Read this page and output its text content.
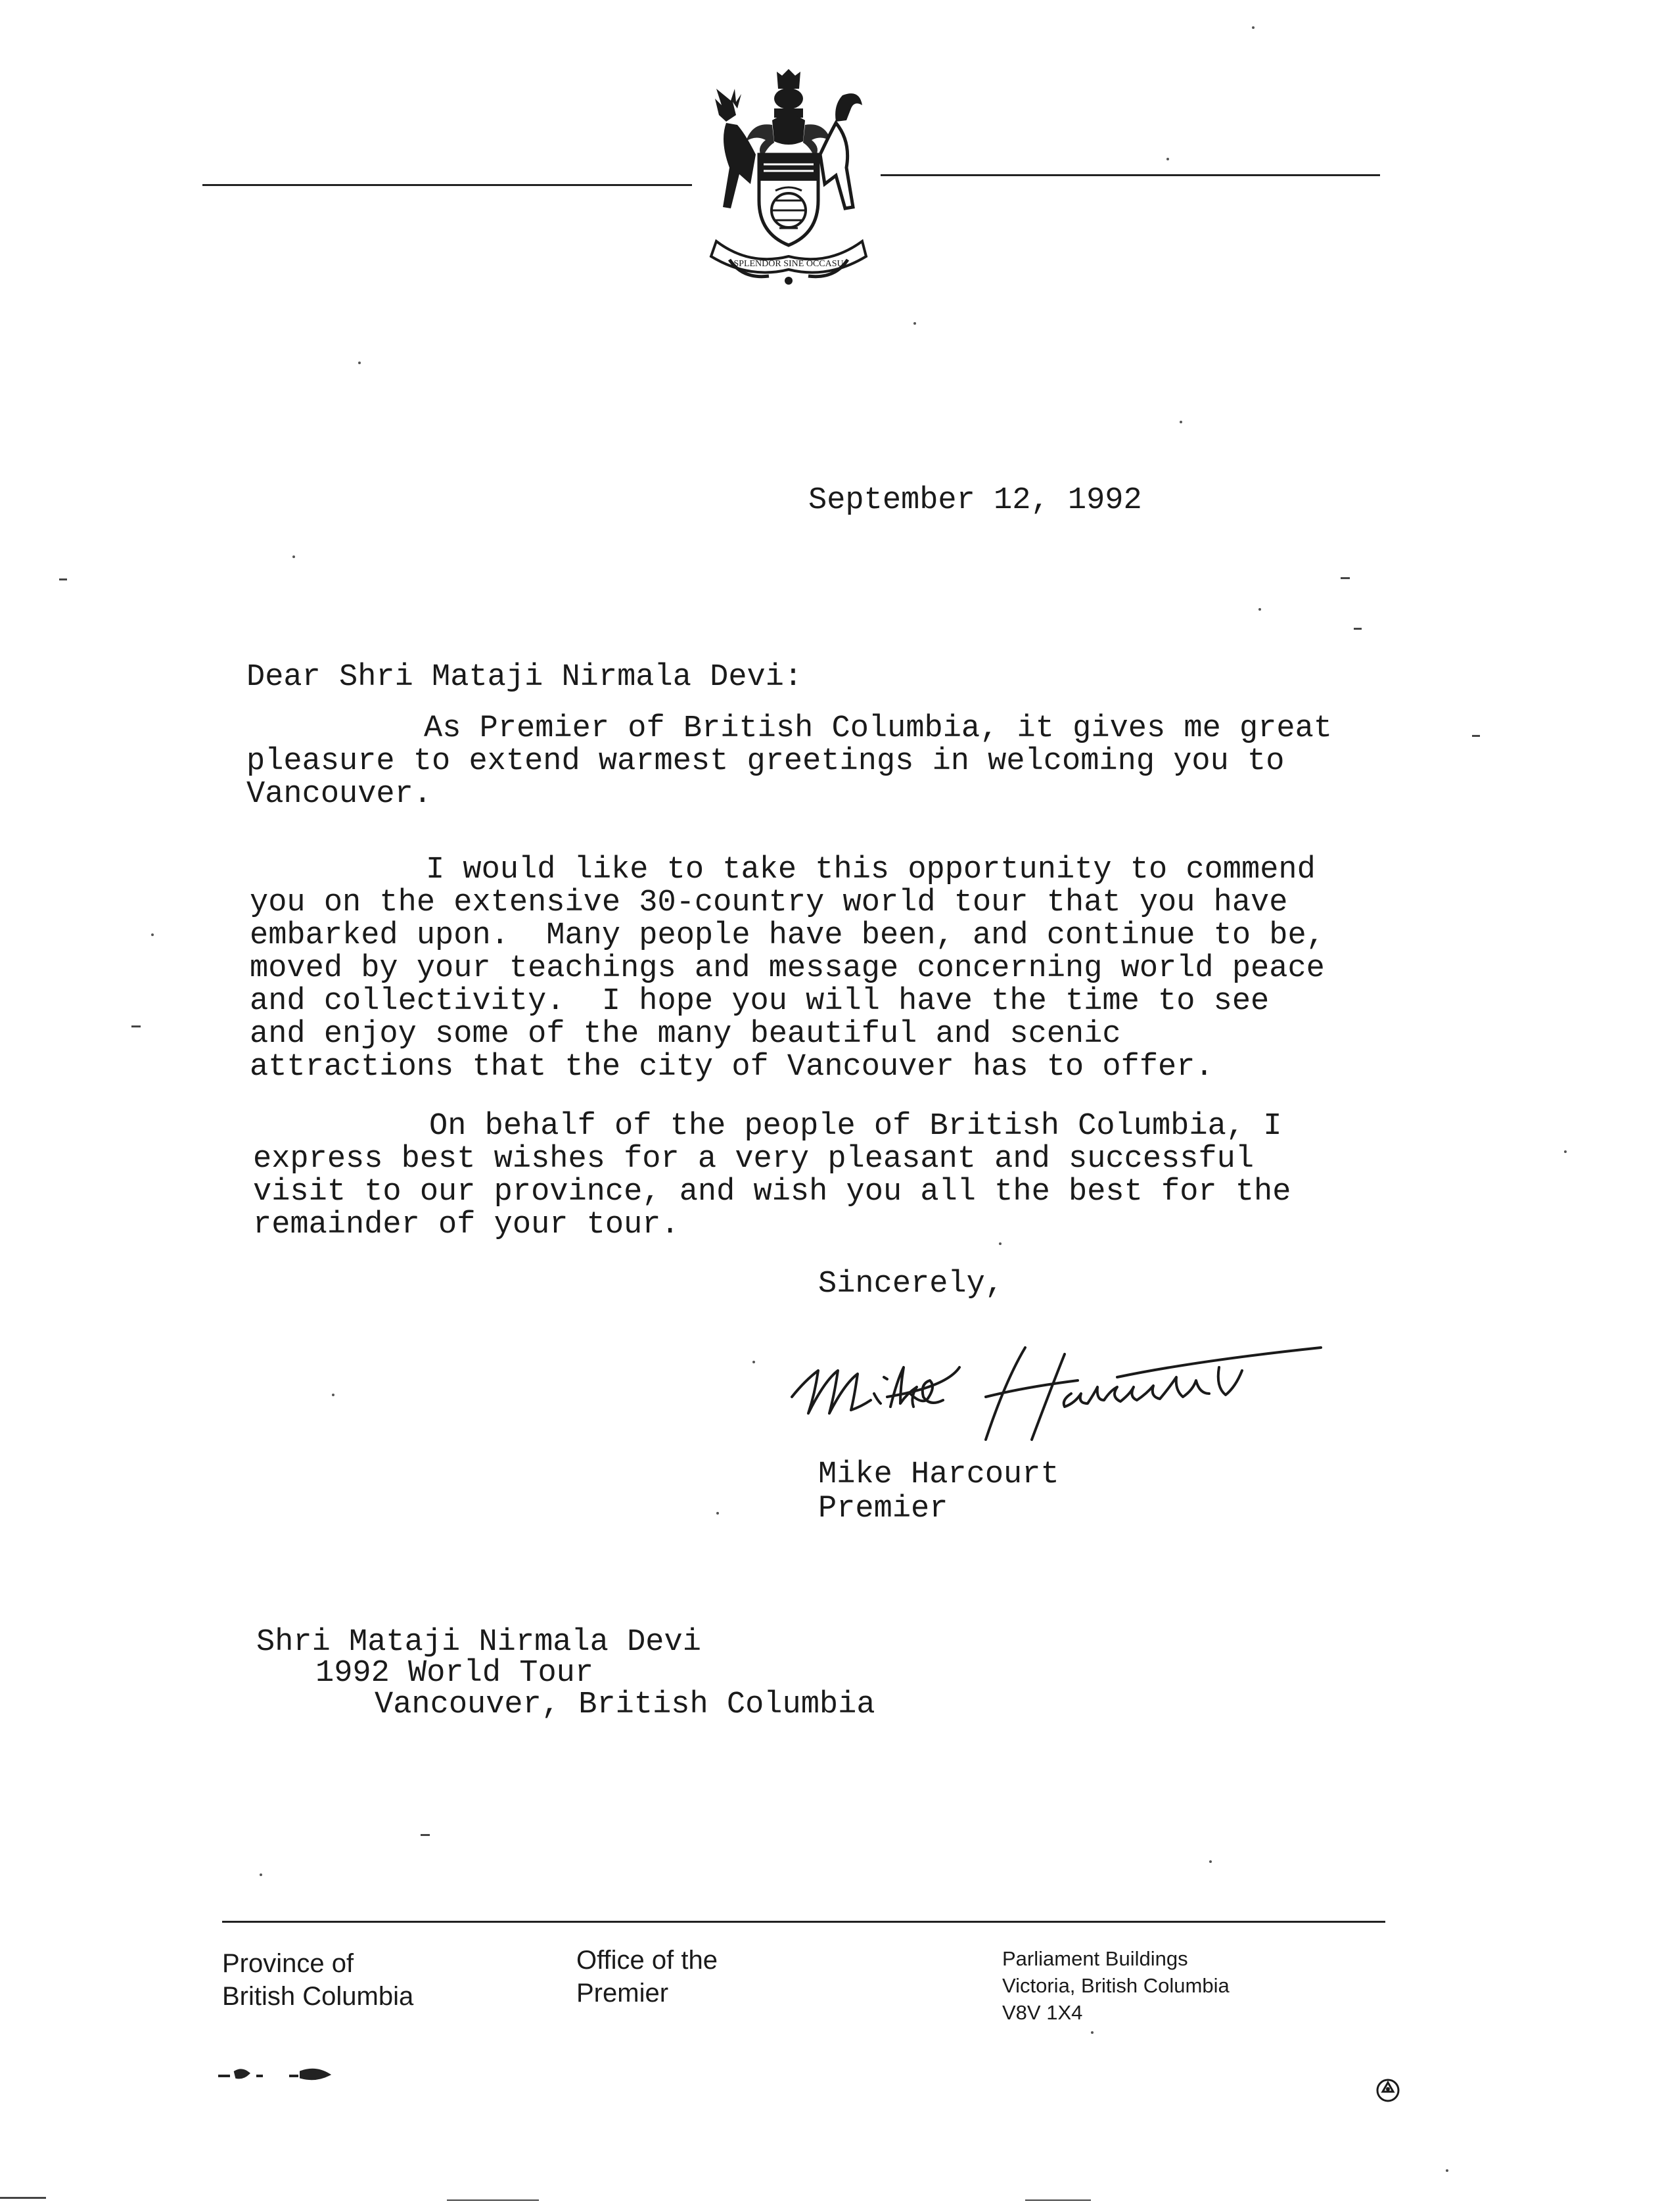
SPLENDOR SINE OCCASU
September 12, 1992
Dear Shri Mataji Nirmala Devi:
As Premier of British Columbia, it gives me great
pleasure to extend warmest greetings in welcoming you to
Vancouver.
I would like to take this opportunity to commend
you on the extensive 30-country world tour that you have
embarked upon.  Many people have been, and continue to be,
moved by your teachings and message concerning world peace
and collectivity.  I hope you will have the time to see
and enjoy some of the many beautiful and scenic
attractions that the city of Vancouver has to offer.
On behalf of the people of British Columbia, I
express best wishes for a very pleasant and successful
visit to our province, and wish you all the best for the
remainder of your tour.
Sincerely,
Mike Harcourt
Premier
Shri Mataji Nirmala Devi
1992 World Tour
Vancouver, British Columbia
Province of
British Columbia
Office of the
Premier
Parliament Buildings
Victoria, British Columbia
V8V 1X4
